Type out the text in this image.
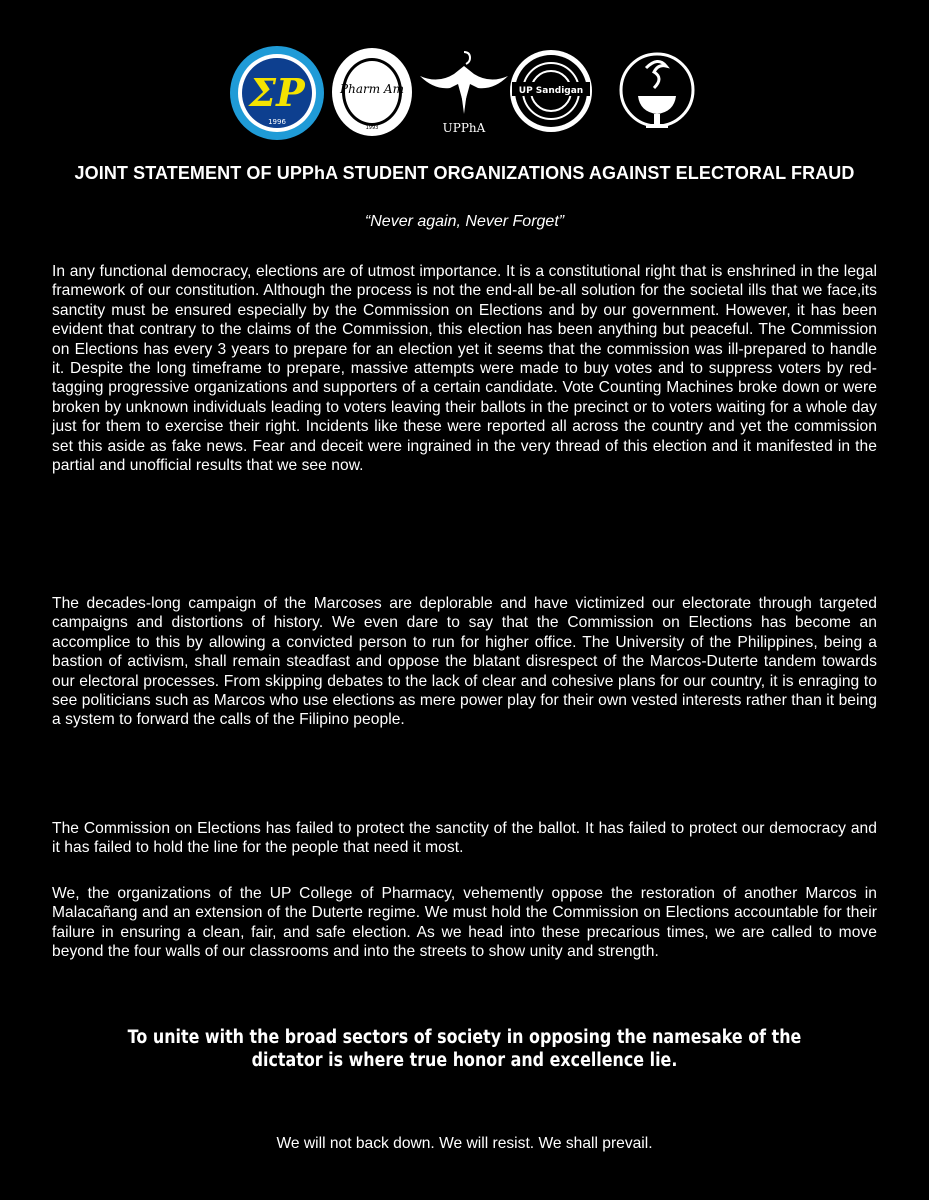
ΣP
1996
Pharm Am
1993	UPPhA
UP Sandigan
JOINT STATEMENT OF UPPhA STUDENT ORGANIZATIONS AGAINST ELECTORAL FRAUD
“Never again, Never Forget”

In any functional democracy, elections are of utmost importance. It is a constitutional right that is enshrined in the legal framework of our constitution. Although the process is not the end-all be-all solution for the societal ills that we face,its sanctity must be ensured especially by the Commission on Elections and by our government. However, it has been evident that contrary to the claims of the Commission, this election has been anything but peaceful. The Commission on Elections has every 3 years to prepare for an election yet it seems that the commission was ill-prepared to handle it. Despite the long timeframe to prepare, massive attempts were made to buy votes and to suppress voters by red-tagging progressive organizations and supporters of a certain candidate. Vote Counting Machines broke down or were broken by unknown individuals leading to voters leaving their ballots in the precinct or to voters waiting for a whole day just for them to exercise their right. Incidents like these were reported all across the country and yet the commission set this aside as fake news. Fear and deceit were ingrained in the very thread of this election and it manifested in the partial and unofficial results that we see now.

The decades-long campaign of the Marcoses are deplorable and have victimized our electorate through targeted campaigns and distortions of history. We even dare to say that the Commission on Elections has become an accomplice to this by allowing a convicted person to run for higher office. The University of the Philippines, being a bastion of activism, shall remain steadfast and oppose the blatant disrespect of the Marcos-Duterte tandem towards our electoral processes. From skipping debates to the lack of clear and cohesive plans for our country, it is enraging to see politicians such as Marcos who use elections as mere power play for their own vested interests rather than it being a system to forward the calls of the Filipino people.

The Commission on Elections has failed to protect the sanctity of the ballot. It has failed to protect our democracy and it has failed to hold the line for the people that need it most.

We, the organizations of the UP College of Pharmacy, vehemently oppose the restoration of another Marcos in Malacañang and an extension of the Duterte regime. We must hold the Commission on Elections accountable for their failure in ensuring a clean, fair, and safe election. As we head into these precarious times, we are called to move beyond the four walls of our classrooms and into the streets to show unity and strength.

To unite with the broad sectors of society in opposing the namesake of the dictator is where true honor and excellence lie.
We will not back down. We will resist. We shall prevail.
